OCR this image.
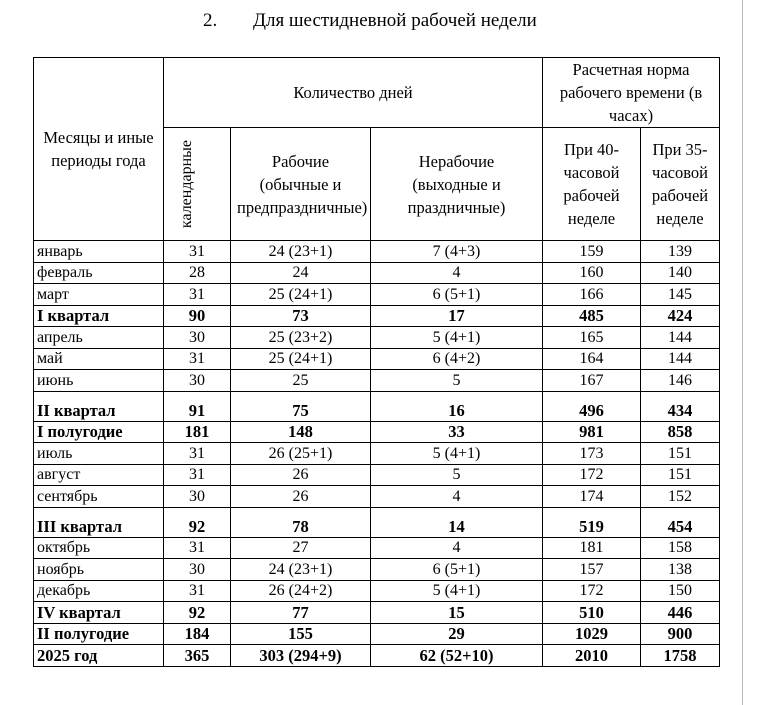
2. Для шестидневной рабочей недели
Месяцы и иные периоды года	Количество дней			Расчетная норма рабочего времени (в часах)	

	календарные	Рабочие (обычные и предпраздничные)	Нерабочие (выходные и праздничные)	При 40-часовой рабочей неделе	При 35-часовой рабочей неделе
январь	31	24 (23+1)	7 (4+3)	159	139
февраль	28	24	4	160	140
март	31	25 (24+1)	6 (5+1)	166	145
I квартал	90	73	17	485	424
апрель	30	25 (23+2)	5 (4+1)	165	144
май	31	25 (24+1)	6 (4+2)	164	144
июнь	30	25	5	167	146
II квартал	91	75	16	496	434
I полугодие	181	148	33	981	858
июль	31	26 (25+1)	5 (4+1)	173	151
август	31	26	5	172	151
сентябрь	30	26	4	174	152
III квартал	92	78	14	519	454
октябрь	31	27	4	181	158
ноябрь	30	24 (23+1)	6 (5+1)	157	138
декабрь	31	26 (24+2)	5 (4+1)	172	150
IV квартал	92	77	15	510	446
II полугодие	184	155	29	1029	900
2025 год	365	303 (294+9)	62 (52+10)	2010	1758
